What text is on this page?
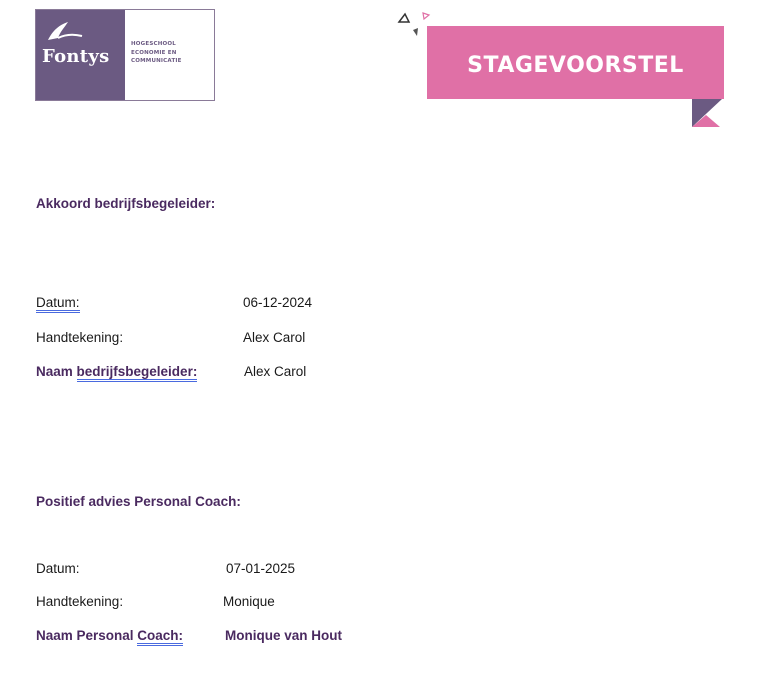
Fontys
HOGESCHOOL
ECONOMIE EN
COMMUNICATIE	STAGEVOORSTEL
Akkoord bedrijfsbegeleider:
Datum:	06-12-2024
Handtekening:	Alex Carol
Naam bedrijfsbegeleider:	Alex Carol
Positief advies Personal Coach:
Datum:	07-01-2025
Handtekening:	Monique
Naam Personal Coach:	Monique van Hout
